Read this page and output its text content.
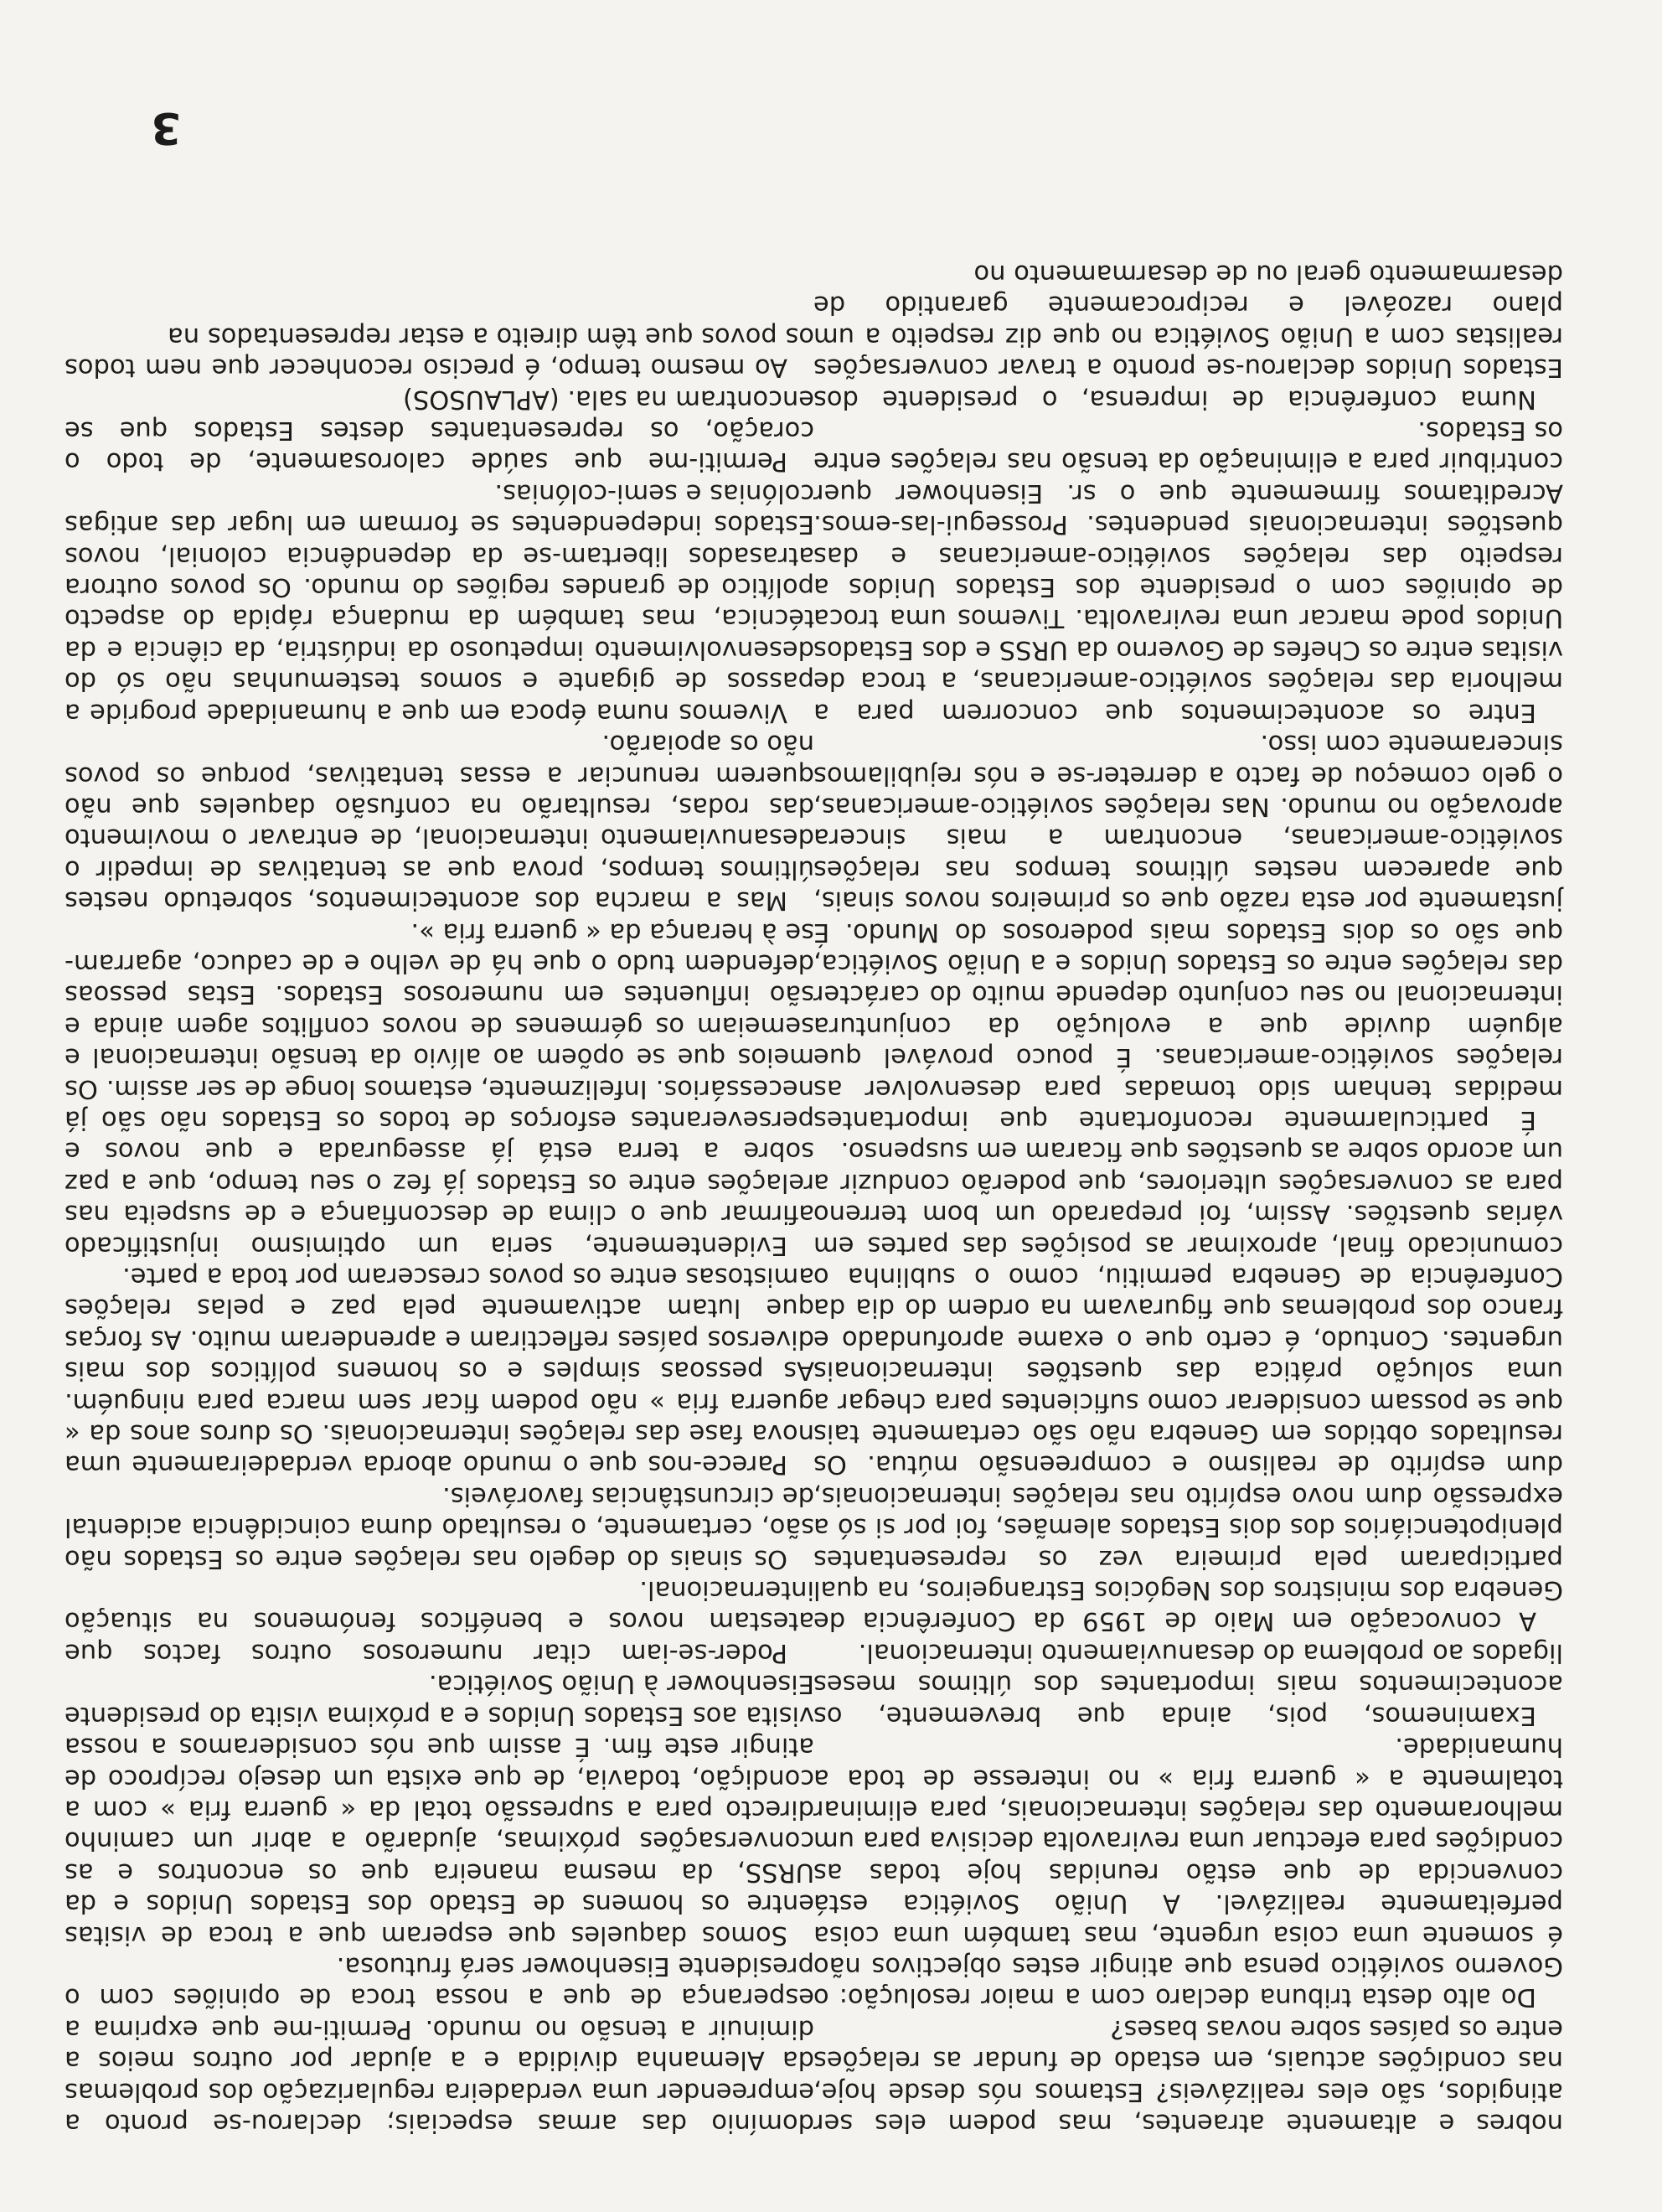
nobres e altamente atraentes, mas podem eles ser atingidos, são eles realizáveis? Estamos nós desde hoje, nas condições actuais, em estado de fundar as relações entre os países sobre novas bases?

Do alto desta tribuna declaro com a maior resolução: o Governo soviético pensa que atingir estes objectivos não é somente uma coisa urgente, mas também uma coisa perfeitamente realizável. A União Soviética está convencida de que estão reunidas hoje todas as condições para efectuar uma reviravolta decisiva para um melhoramento das relações internacionais, para eliminar totalmente a « guerra fria » no interesse de toda a humanidade.

Examinemos, pois, ainda que brevemente, os acontecimentos mais importantes dos últimos meses ligados ao problema do desanuviamento internacional.

A convocação em Maio de 1959 da Conferência de Genebra dos ministros dos Negócios Estrangeiros, na qual participaram pela primeira vez os representantes plenipotenciários dos dois Estados alemães, foi por si só a expressão dum novo espírito nas relações internacionais, dum espírito de realismo e compreensão mútua. Os resultados obtidos em Genebra não são certamente tais que se possam considerar como suficientes para chegar a uma solução prática das questões internacionais urgentes. Contudo, é certo que o exame aprofundado e franco dos problemas que figuravam na ordem do dia da Conferência de Genebra permitiu, como o sublinha o comunicado final, aproximar as posições das partes em várias questões. Assim, foi preparado um bom terreno para as conversações ulteriores, que poderão conduzir a um acordo sobre as questões que ficaram em suspenso.

É particularmente reconfortante que importantes medidas tenham sido tomadas para desenvolver as relações soviético-americanas. É pouco provável que alguém duvide que a evolução da conjuntura internacional no seu conjunto depende muito do carácter das relações entre os Estados Unidos e a União Soviética, que são os dois Estados mais poderosos do Mundo. É justamente por esta razão que os primeiros novos sinais, que aparecem nestes últimos tempos nas relações soviético-americanas, encontram a mais sincera aprovação no mundo. Nas relações soviético-americanas, o gelo começou de facto a derreter-se e nós rejubilamos sinceramente com isso.

Entre os acontecimentos que concorrem para a melhoria das relações soviético-americanas, a troca de visitas entre os Chefes de Governo da URSS e dos Estados Unidos pode marcar uma reviravolta. Tivemos uma troca de opiniões com o presidente dos Estados Unidos a respeito das relações soviético-americanas e das questões internacionais pendentes. Prossegui-las-emos. Acreditamos firmemente que o sr. Eisenhower quer contribuir para a eliminação da tensão nas relações entre os Estados.

Numa conferência de imprensa, o presidente dos Estados Unidos declarou-se pronto a travar conversações realistas com a União Soviética no que diz respeito a um plano razoável e reciprocamente garantido de desarmamento geral ou de desarmamento no

domínio das armas especiais; declarou-se pronto a empreender uma verdadeira regularização dos problemas da Alemanha dividida e a ajudar por outros meios a diminuir a tensão no mundo. Permiti-me que exprima a esperança de que a nossa troca de opiniões com o presidente Eisenhower será frutuosa.

Somos daqueles que esperam que a troca de visitas entre os homens de Estado dos Estados Unidos e da URSS, da mesma maneira que os encontros e as conversações próximas, ajudarão a abrir um caminho directo para a supressão total da « guerra fria » com a condição, todavia, de que exista um desejo recíproco de atingir este fim. É assim que nós consideramos a nossa visita aos Estados Unidos e a próxima visita do presidente Eisenhower à União Soviética.

Poder-se-iam citar numerosos outros factos que atestam novos e benéficos fenómenos na situação internacional.

Os sinais do degelo nas relações entre os Estados não são, certamente, o resultado duma coincidência acidental de circunstâncias favoráveis.

Parece-nos que o mundo aborda verdadeiramente uma nova fase das relações internacionais. Os duros anos da « guerra fria » não podem ficar sem marca para ninguém. As pessoas simples e os homens políticos dos mais diversos países reflectiram e aprenderam muito. As forças que lutam activamente pela paz e pelas relações amistosas entre os povos cresceram por toda a parte.

Evidentemente, seria um optimismo injustificado afirmar que o clima de desconfiança e de suspeita nas relações entre os Estados já fez o seu tempo, que a paz sobre a terra está já assegurada e que novos e perseverantes esforços de todos os Estados não são já necessários. Infelizmente, estamos longe de ser assim. Os meios que se opõem ao alívio da tensão internacional e semeiam os gérmenes de novos conflitos agem ainda e são influentes em numerosos Estados. Estas pessoas defendem tudo o que há de velho e de caduco, agarram-se à herança da « guerra fria ».

Mas a marcha dos acontecimentos, sobretudo nestes últimos tempos, prova que as tentativas de impedir o desanuviamento internacional, de entravar o movimento das rodas, resultarão na confusão daqueles que não querem renunciar a essas tentativas, porque os povos não os apoiarão.

Vivemos numa época em que a humanidade progride a passos de gigante e somos testemunhas não só do desenvolvimento impetuoso da indústria, da ciência e da técnica, mas também da mudança rápida do aspecto político de grandes regiões do mundo. Os povos outrora atrasados libertam-se da dependência colonial, novos Estados independentes se formam em lugar das antigas colónias e semi-colónias.

Permiti-me que saúde calorosamente, de todo o coração, os representantes destes Estados que se encontram na sala. (APLAUSOS)

Ao mesmo tempo, é preciso reconhecer que nem todos os povos que têm direito a estar representados na

3
